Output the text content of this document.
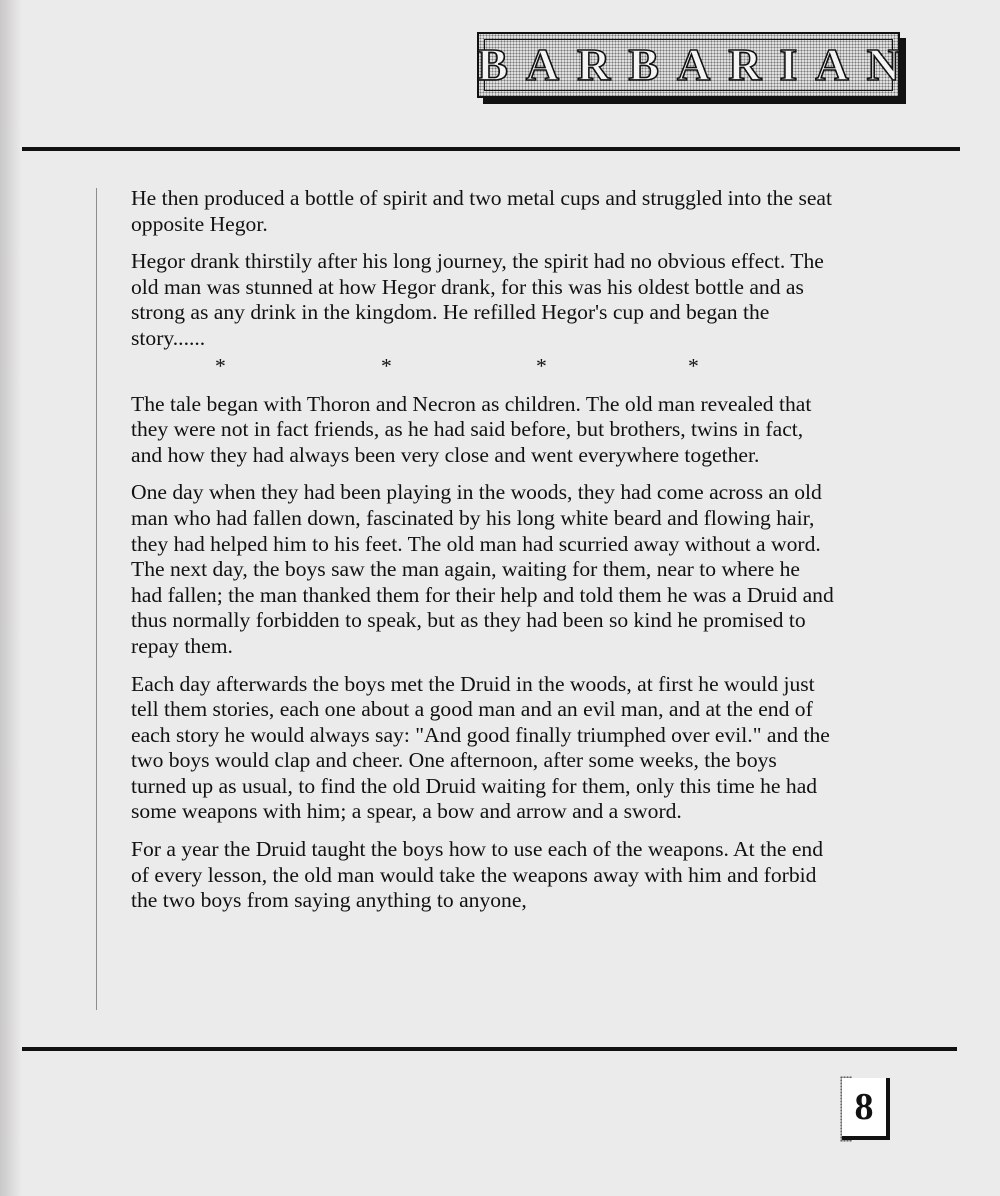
BARBARIAN

He then produced a bottle of spirit and two metal cups and struggled into the seat opposite Hegor.

Hegor drank thirstily after his long journey, the spirit had no obvious effect. The old man was stunned at how Hegor drank, for this was his oldest bottle and as strong as any drink in the kingdom. He refilled Hegor's cup and began the story......

*	*	*	*

The tale began with Thoron and Necron as children. The old man revealed that they were not in fact friends, as he had said before, but brothers, twins in fact, and how they had always been very close and went everywhere together.

One day when they had been playing in the woods, they had come across an old man who had fallen down, fascinated by his long white beard and flowing hair, they had helped him to his feet. The old man had scurried away without a word. The next day, the boys saw the man again, waiting for them, near to where he had fallen; the man thanked them for their help and told them he was a Druid and thus normally forbidden to speak, but as they had been so kind he promised to repay them.

Each day afterwards the boys met the Druid in the woods, at first he would just tell them stories, each one about a good man and an evil man, and at the end of each story he would always say: "And good finally triumphed over evil." and the two boys would clap and cheer. One afternoon, after some weeks, the boys turned up as usual, to find the old Druid waiting for them, only this time he had some weapons with him; a spear, a bow and arrow and a sword.

For a year the Druid taught the boys how to use each of the weapons. At the end of every lesson, the old man would take the weapons away with him and forbid the two boys from saying anything to anyone,

8
